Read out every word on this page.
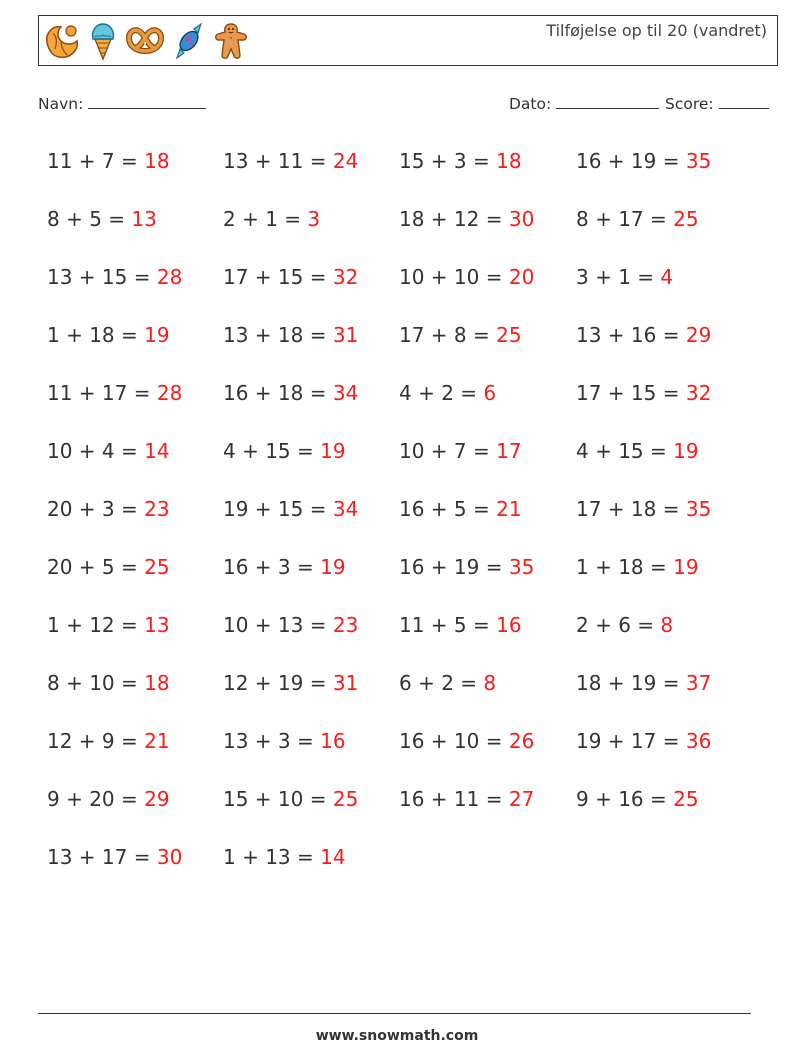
Tilføjelse op til 20 (vandret)
Navn:	Dato:	Score:
11 + 7 = 18	13 + 11 = 24 15 + 3 = 18	16 + 19 = 35
8 + 5 = 13	2 + 1 = 3	18 + 12 = 30 8 + 17 = 25
13 + 15 = 28 17 + 15 = 32 10 + 10 = 20 3 + 1 = 4
1 + 18 = 19	13 + 18 = 31 17 + 8 = 25	13 + 16 = 29
11 + 17 = 28 16 + 18 = 34 4 + 2 = 6	17 + 15 = 32
10 + 4 = 14	4 + 15 = 19	10 + 7 = 17	4 + 15 = 19
20 + 3 = 23	19 + 15 = 34 16 + 5 = 21	17 + 18 = 35
20 + 5 = 25	16 + 3 = 19	16 + 19 = 35 1 + 18 = 19
1 + 12 = 13	10 + 13 = 23 11 + 5 = 16	2 + 6 = 8
8 + 10 = 18	12 + 19 = 31 6 + 2 = 8	18 + 19 = 37
12 + 9 = 21	13 + 3 = 16	16 + 10 = 26 19 + 17 = 36
9 + 20 = 29	15 + 10 = 25 16 + 11 = 27 9 + 16 = 25
13 + 17 = 30 1 + 13 = 14
www.snowmath.com
